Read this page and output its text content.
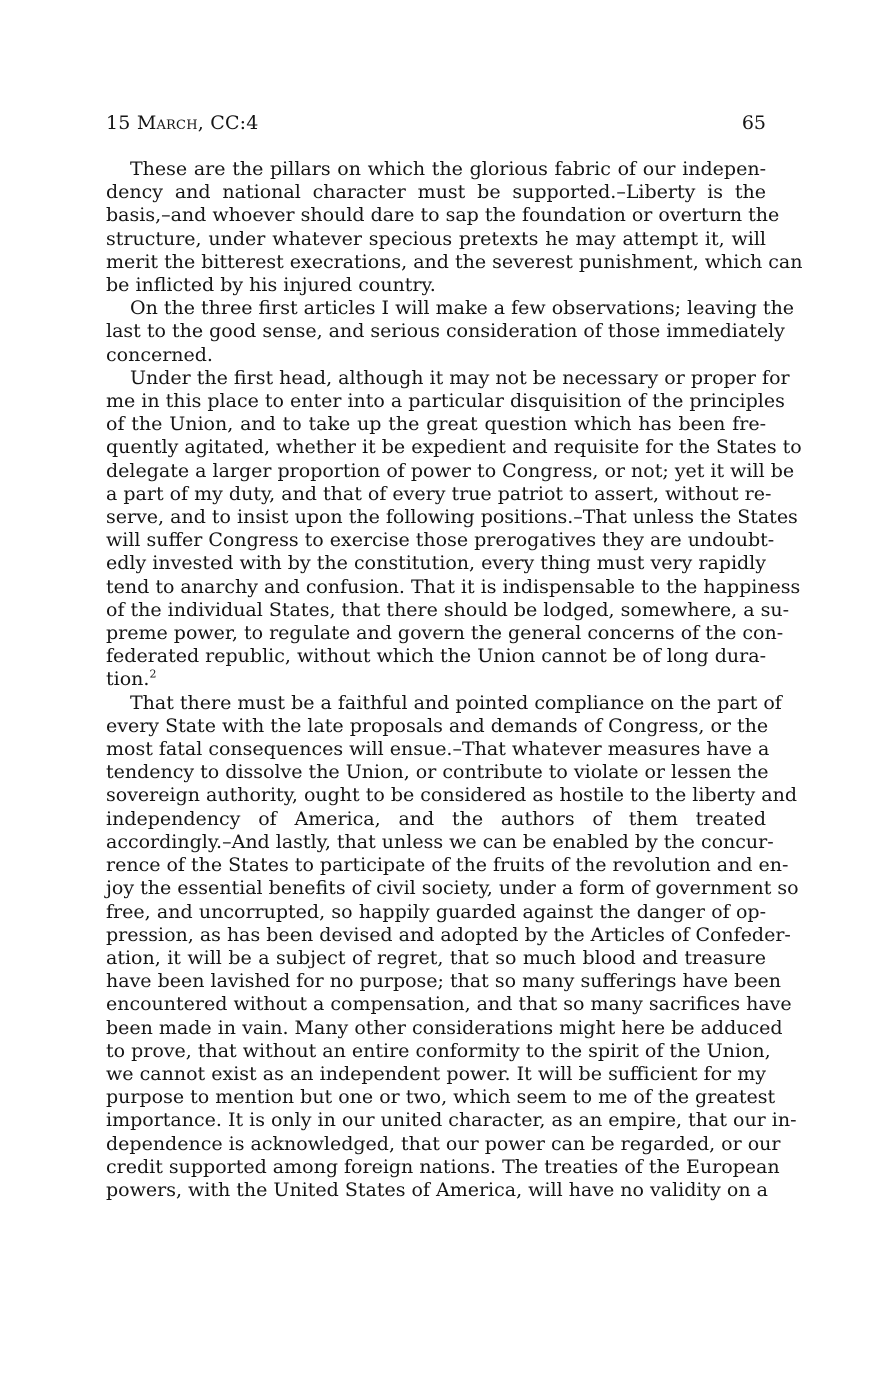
15 March, CC:4	65

These are the pillars on which the glorious fabric of our indepen-
dency and national character must be supported.–Liberty is the
basis,–and whoever should dare to sap the foundation or overturn the
structure, under whatever specious pretexts he may attempt it, will
merit the bitterest execrations, and the severest punishment, which can
be inflicted by his injured country.

On the three first articles I will make a few observations; leaving the
last to the good sense, and serious consideration of those immediately
concerned.

Under the first head, although it may not be necessary or proper for
me in this place to enter into a particular disquisition of the principles
of the Union, and to take up the great question which has been fre-
quently agitated, whether it be expedient and requisite for the States to
delegate a larger proportion of power to Congress, or not; yet it will be
a part of my duty, and that of every true patriot to assert, without re-
serve, and to insist upon the following positions.–That unless the States
will suffer Congress to exercise those prerogatives they are undoubt-
edly invested with by the constitution, every thing must very rapidly
tend to anarchy and confusion. That it is indispensable to the happiness
of the individual States, that there should be lodged, somewhere, a su-
preme power, to regulate and govern the general concerns of the con-
federated republic, without which the Union cannot be of long dura-
tion.$^2$

That there must be a faithful and pointed compliance on the part of
every State with the late proposals and demands of Congress, or the
most fatal consequences will ensue.–That whatever measures have a
tendency to dissolve the Union, or contribute to violate or lessen the
sovereign authority, ought to be considered as hostile to the liberty and
independency of America, and the authors of them treated
accordingly.–And lastly, that unless we can be enabled by the concur-
rence of the States to participate of the fruits of the revolution and en-
joy the essential benefits of civil society, under a form of government so
free, and uncorrupted, so happily guarded against the danger of op-
pression, as has been devised and adopted by the Articles of Confeder-
ation, it will be a subject of regret, that so much blood and treasure
have been lavished for no purpose; that so many sufferings have been
encountered without a compensation, and that so many sacrifices have
been made in vain. Many other considerations might here be adduced
to prove, that without an entire conformity to the spirit of the Union,
we cannot exist as an independent power. It will be sufficient for my
purpose to mention but one or two, which seem to me of the greatest
importance. It is only in our united character, as an empire, that our in-
dependence is acknowledged, that our power can be regarded, or our
credit supported among foreign nations. The treaties of the European
powers, with the United States of America, will have no validity on a
